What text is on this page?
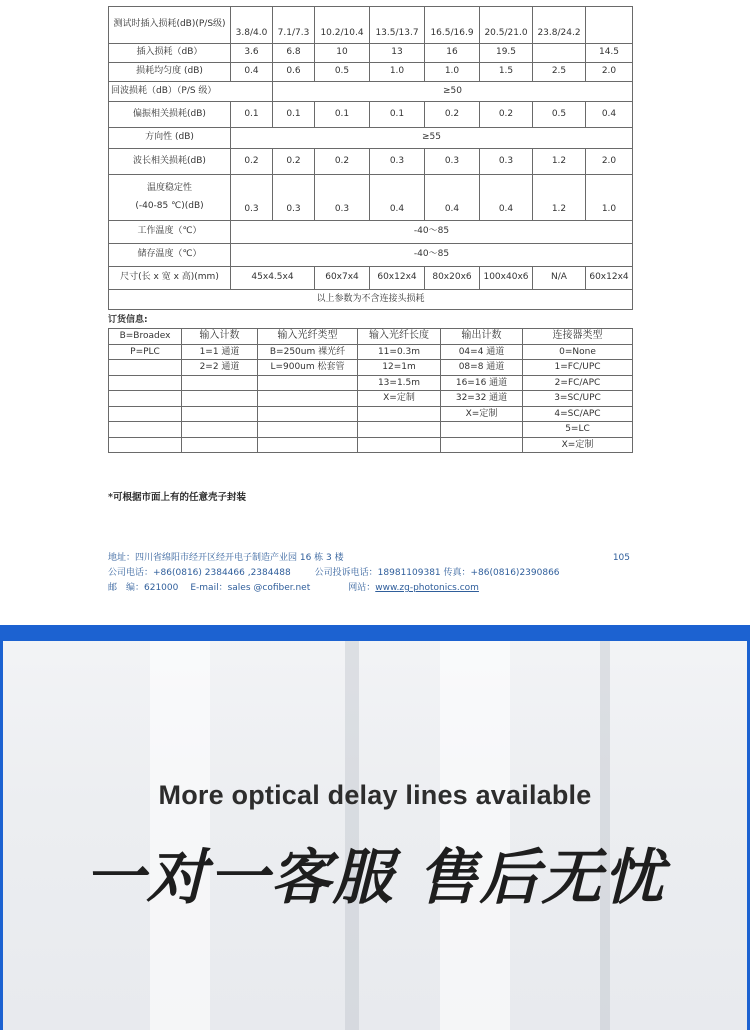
测试时插入损耗(dB)(P/S级)	3.8/4.0	7.1/7.3	10.2/10.4	13.5/13.7	16.5/16.9	20.5/21.0	23.8/24.2	
插入损耗（dB）	3.6	6.8	10	13	16	19.5		14.5
损耗均匀度 (dB)	0.4	0.6	0.5	1.0	1.0	1.5	2.5	2.0
回波损耗（dB）（P/S 级）		≥50						
偏振相关损耗(dB)	0.1	0.1	0.1	0.1	0.2	0.2	0.5	0.4
方向性 (dB)	≥55							
波长相关损耗(dB)	0.2	0.2	0.2	0.3	0.3	0.3	1.2	2.0

温度稳定性
(-40-85 ℃)(dB)	0.3	0.3	0.3	0.4	0.4	0.4	1.2	1.0
工作温度（℃）	-40～85							
储存温度（℃）	-40～85							
尺寸(长 x 宽 x 高)(mm)	45x4.5x4		60x7x4	60x12x4	80x20x6	100x40x6	N/A	60x12x4
以上参数为不含连接头损耗								
订货信息:
B=Broadex	输入计数	输入光纤类型	输入光纤长度	输出计数	连接器类型
P=PLC	1=1 通道	B=250um 裸光纤	11=0.3m	04=4 通道	0=None
	2=2 通道	L=900um 松套管	12=1m	08=8 通道	1=FC/UPC
			13=1.5m	16=16 通道	2=FC/APC
			X=定制	32=32 通道	3=SC/UPC
				X=定制	4=SC/APC
					5=LC
					X=定制
*可根据市面上有的任意壳子封装
地址：四川省绵阳市经开区经开电子制造产业园 16 栋 3 楼	105
公司电话：+86(0816) 2384466 ,2384488	公司投诉电话：18981109381 传真：+86(0816)2390866
邮　编：621000 E-mail：sales @cofiber.net	网站： www.zg-photonics.com
More optical delay lines available
一对一客服 售后无忧
